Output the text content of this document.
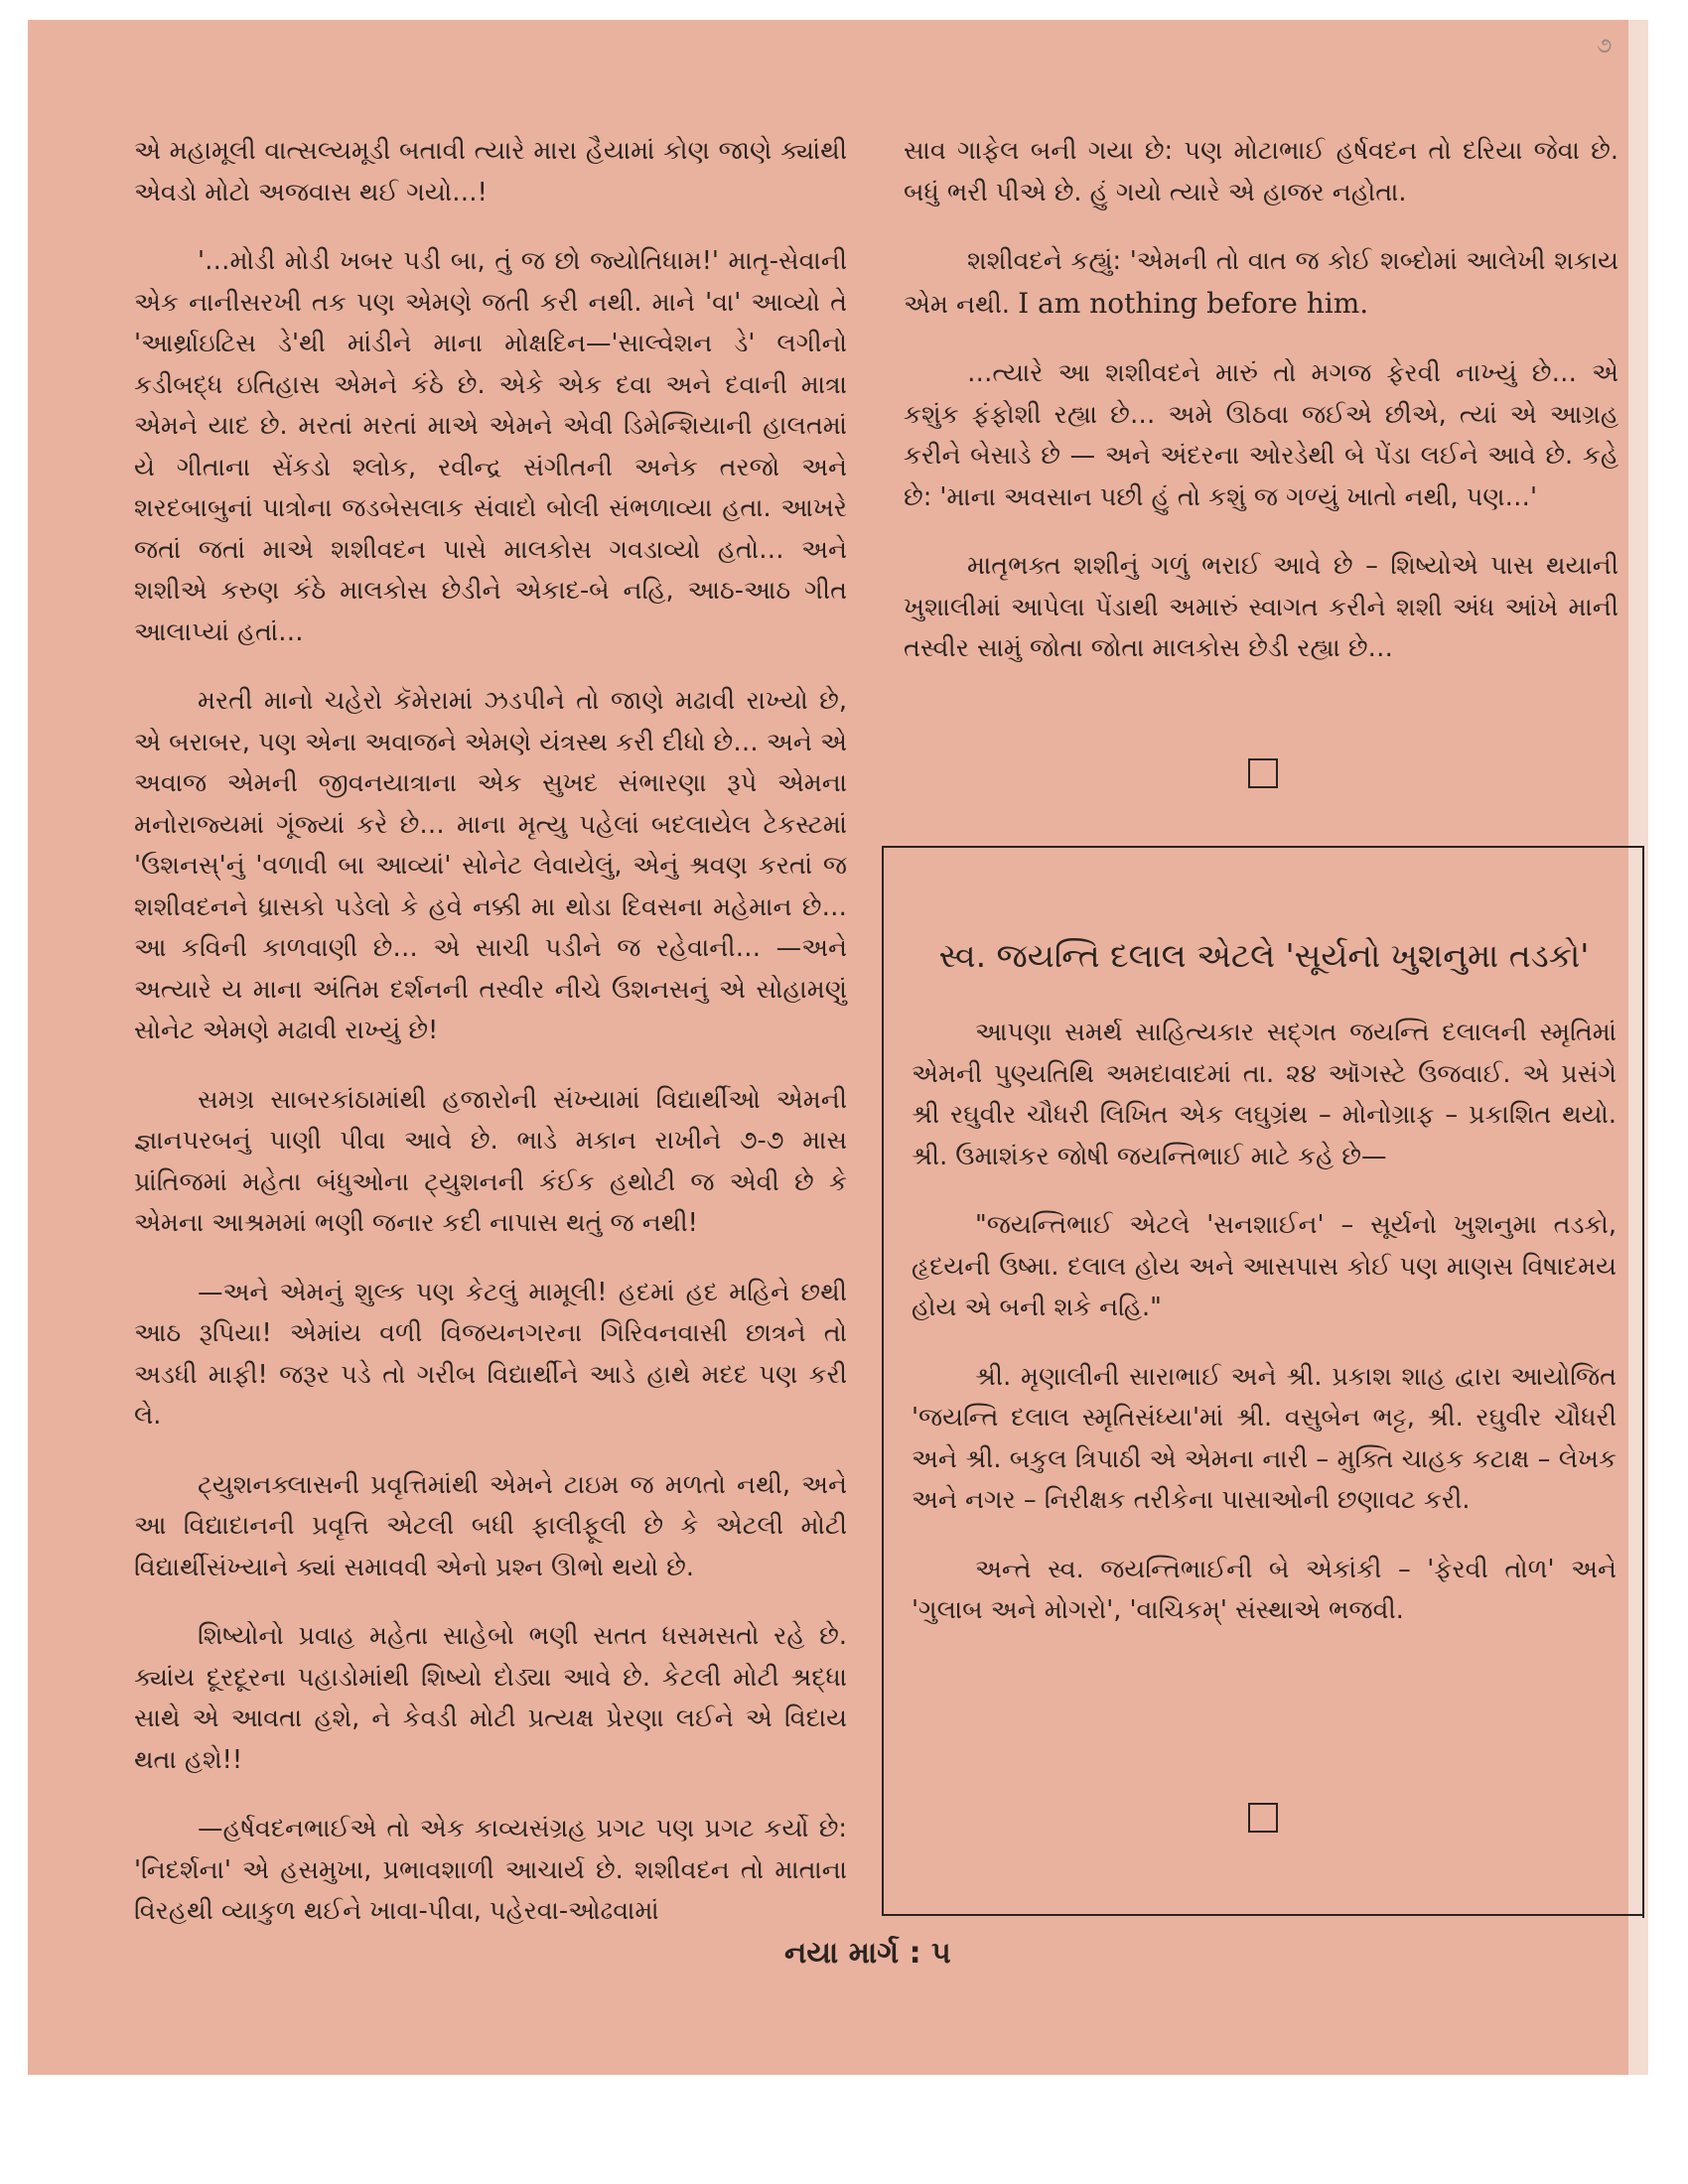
૭

એ મહામૂલી વાત્સલ્યમૂડી બતાવી ત્યારે મારા હૈયામાં કોણ જાણે ક્યાંથી એવડો મોટો અજવાસ થઈ ગયો…!

'…મોડી મોડી ખબર પડી બા, તું જ છો જ્યોતિધામ!' માતૃ-સેવાની એક નાનીસરખી તક પણ એમણે જતી કરી નથી. માને 'વા' આવ્યો તે 'આર્થ્રાઇટિસ ડે'થી માંડીને માના મોક્ષદિન—'સાલ્વેશન ડે' લગીનો કડીબદ્ધ ઇતિહાસ એમને કંઠે છે. એકે એક દવા અને દવાની માત્રા એમને યાદ છે. મરતાં મરતાં માએ એમને એવી ડિમેન્શિયાની હાલતમાં યે ગીતાના સેંકડો શ્લોક, રવીન્દ્ર સંગીતની અનેક તરજો અને શરદબાબુનાં પાત્રોના જડબેસલાક સંવાદો બોલી સંભળાવ્યા હતા. આખરે જતાં જતાં માએ શશીવદન પાસે માલકોસ ગવડાવ્યો હતો… અને શશીએ કરુણ કંઠે માલકોસ છેડીને એકાદ-બે નહિ, આઠ-આઠ ગીત આલાપ્યાં હતાં…

મરતી માનો ચહેરો કૅમેરામાં ઝડપીને તો જાણે મઢાવી રાખ્યો છે, એ બરાબર, પણ એના અવાજને એમણે યંત્રસ્થ કરી દીધો છે… અને એ અવાજ એમની જીવનયાત્રાના એક સુખદ સંભારણા રૂપે એમના મનોરાજ્યમાં ગૂંજ્યાં કરે છે… માના મૃત્યુ પહેલાં બદલાયેલ ટેકસ્ટમાં 'ઉશનસ્'નું 'વળાવી બા આવ્યાં' સોનેટ લેવાયેલું, એનું શ્રવણ કરતાં જ શશીવદનને ધ્રાસકો પડેલો કે હવે નક્કી મા થોડા દિવસના મહેમાન છે… આ કવિની કાળવાણી છે… એ સાચી પડીને જ રહેવાની… —અને અત્યારે ય માના અંતિમ દર્શનની તસ્વીર નીચે ઉશનસનું એ સોહામણું સોનેટ એમણે મઢાવી રાખ્યું છે!

સમગ્ર સાબરકાંઠામાંથી હજારોની સંખ્યામાં વિદ્યાર્થીઓ એમની જ્ઞાનપરબનું પાણી પીવા આવે છે. ભાડે મકાન રાખીને ૭-૭ માસ પ્રાંતિજમાં મહેતા બંધુઓના ટ્યુશનની કંઈક હથોટી જ એવી છે કે એમના આશ્રમમાં ભણી જનાર કદી નાપાસ થતું જ નથી!

—અને એમનું શુલ્ક પણ કેટલું મામૂલી! હદમાં હદ મહિને છથી આઠ રૂપિયા! એમાંય વળી વિજયનગરના ગિરિવનવાસી છાત્રને તો અડધી માફી! જરૂર પડે તો ગરીબ વિદ્યાર્થીને આડે હાથે મદદ પણ કરી લે.

ટ્યુશનક્લાસની પ્રવૃત્તિમાંથી એમને ટાઇમ જ મળતો નથી, અને આ વિદ્યાદાનની પ્રવૃત્તિ એટલી બધી ફાલીફૂલી છે કે એટલી મોટી વિદ્યાર્થીસંખ્યાને ક્યાં સમાવવી એનો પ્રશ્ન ઊભો થયો છે.

શિષ્યોનો પ્રવાહ મહેતા સાહેબો ભણી સતત ધસમસતો રહે છે. ક્યાંય દૂરદૂરના પહાડોમાંથી શિષ્યો દોડ્યા આવે છે. કેટલી મોટી શ્રદ્ધા સાથે એ આવતા હશે, ને કેવડી મોટી પ્રત્યક્ષ પ્રેરણા લઈને એ વિદાય થતા હશે!!

—હર્ષવદનભાઈએ તો એક કાવ્યસંગ્રહ પ્રગટ પણ પ્રગટ કર્યો છે: 'નિદર્શના' એ હસમુખા, પ્રભાવશાળી આચાર્ય છે. શશીવદન તો માતાના વિરહથી વ્યાકુળ થઈને ખાવા-પીવા, પહેરવા-ઓઢવામાં

સાવ ગાફેલ બની ગયા છે: પણ મોટાભાઈ હર્ષવદન તો દરિયા જેવા છે. બધું ભરી પીએ છે. હું ગયો ત્યારે એ હાજર નહોતા.

શશીવદને કહ્યું: 'એમની તો વાત જ કોઈ શબ્દોમાં આલેખી શકાય એમ નથી. I am nothing before him.

…ત્યારે આ શશીવદને મારું તો મગજ ફેરવી નાખ્યું છે… એ કશુંક ફંફોશી રહ્યા છે… અમે ઊઠવા જઈએ છીએ, ત્યાં એ આગ્રહ કરીને બેસાડે છે — અને અંદરના ઓરડેથી બે પેંડા લઈને આવે છે. કહે છે: 'માના અવસાન પછી હું તો કશું જ ગળ્યું ખાતો નથી, પણ…'

માતૃભક્ત શશીનું ગળું ભરાઈ આવે છે – શિષ્યોએ પાસ થયાની ખુશાલીમાં આપેલા પેંડાથી અમારું સ્વાગત કરીને શશી અંધ આંખે માની તસ્વીર સામું જોતા જોતા માલકોસ છેડી રહ્યા છે…

સ્વ. જયન્તિ દલાલ એટલે 'સૂર્યનો ખુશનુમા તડકો'

આપણા સમર્થ સાહિત્યકાર સદ્ગત જયન્તિ દલાલની સ્મૃતિમાં એમની પુણ્યતિથિ અમદાવાદમાં તા. ૨૪ ઑગસ્ટે ઉજવાઈ. એ પ્રસંગે શ્રી રઘુવીર ચૌધરી લિખિત એક લઘુગ્રંથ – મોનોગ્રાફ – પ્રકાશિત થયો. શ્રી. ઉમાશંકર જોષી જયન્તિભાઈ માટે કહે છે—

"જયન્તિભાઈ એટલે 'સનશાઈન' – સૂર્યનો ખુશનુમા તડકો, હૃદયની ઉષ્મા. દલાલ હોય અને આસપાસ કોઈ પણ માણસ વિષાદમય હોય એ બની શકે નહિ."

શ્રી. મૃણાલીની સારાભાઈ અને શ્રી. પ્રકાશ શાહ દ્વારા આયોજિત 'જયન્તિ દલાલ સ્મૃતિસંધ્યા'માં શ્રી. વસુબેન ભટ્ટ, શ્રી. રઘુવીર ચૌધરી અને શ્રી. બકુલ ત્રિપાઠી એ એમના નારી – મુક્તિ ચાહક કટાક્ષ – લેખક અને નગર – નિરીક્ષક તરીકેના પાસાઓની છણાવટ કરી.

અન્તે સ્વ. જયન્તિભાઈની બે એકાંકી – 'ફેરવી તોળ' અને 'ગુલાબ અને મોગરો', 'વાચિકમ્' સંસ્થાએ ભજવી.

નયા માર્ગ : ૫
